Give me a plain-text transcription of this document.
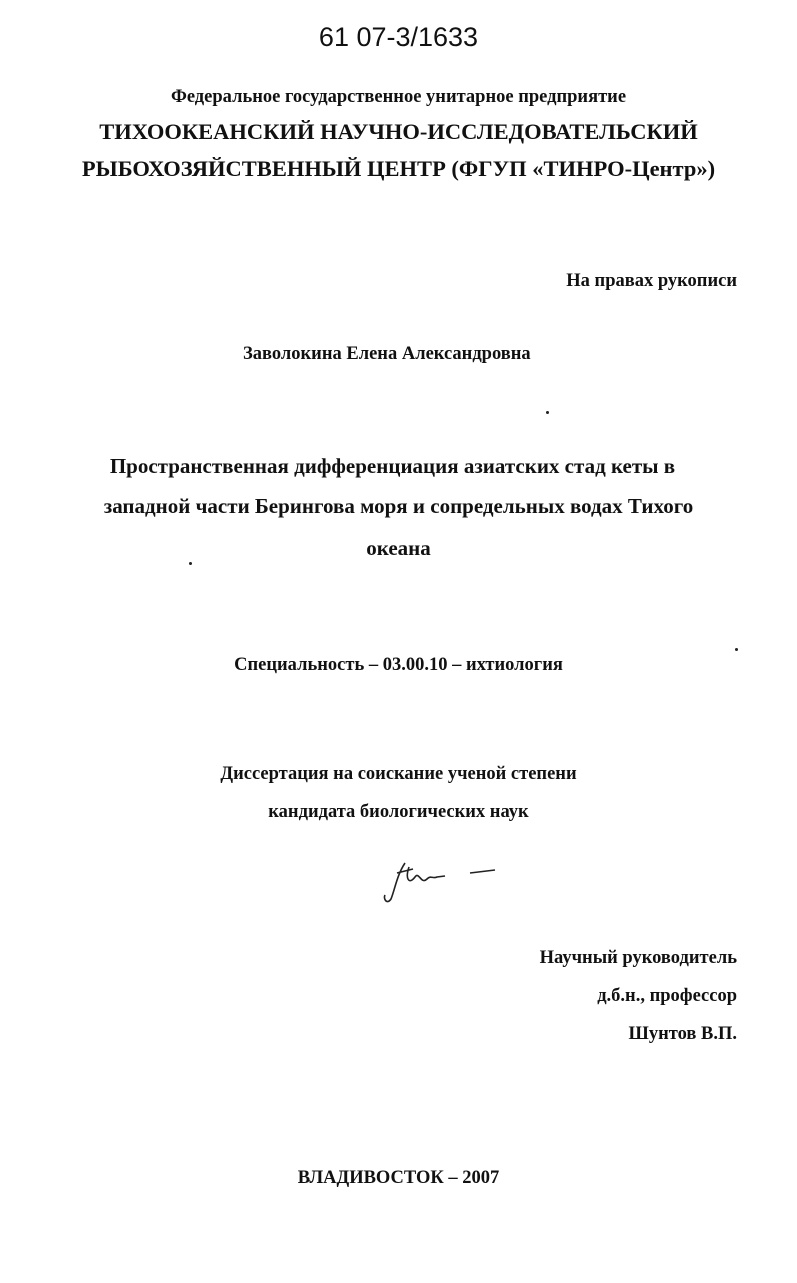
61 07-3/1633
Федеральное государственное унитарное предприятие
ТИХООКЕАНСКИЙ НАУЧНО-ИССЛЕДОВАТЕЛЬСКИЙ
РЫБОХОЗЯЙСТВЕННЫЙ ЦЕНТР (ФГУП «ТИНРО-Центр»)
На правах рукописи
Заволокина Елена Александровна
Пространственная дифференциация азиатских стад кеты в
западной части Берингова моря и сопредельных водах Тихого
океана
Специальность – 03.00.10 – ихтиология
Диссертация на соискание ученой степени
кандидата биологических наук
Научный руководитель
д.б.н., профессор
Шунтов В.П.
ВЛАДИВОСТОК – 2007
